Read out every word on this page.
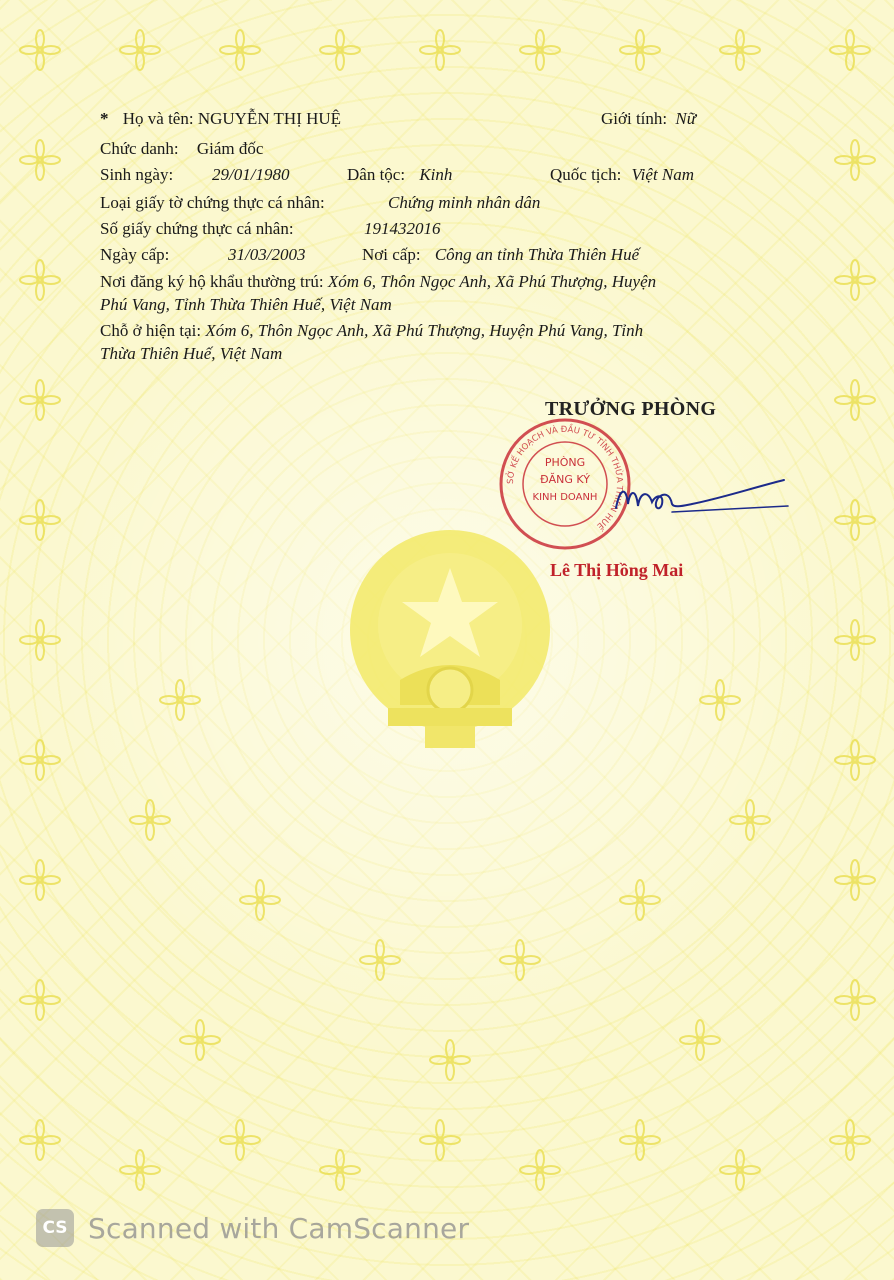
* Họ và tên: NGUYỄN THỊ HUỆ	Giới tính: Nữ
Chức danh: Giám đốc
Sinh ngày: 29/01/1980	Dân tộc: Kinh	Quốc tịch: Việt Nam
Loại giấy tờ chứng thực cá nhân:	Chứng minh nhân dân
Số giấy chứng thực cá nhân:	191432016
Ngày cấp:	31/03/2003	Nơi cấp: Công an tỉnh Thừa Thiên Huế
Nơi đăng ký hộ khẩu thường trú: Xóm 6, Thôn Ngọc Anh, Xã Phú Thượng, Huyện
Phú Vang, Tỉnh Thừa Thiên Huế, Việt Nam
Chỗ ở hiện tại: Xóm 6, Thôn Ngọc Anh, Xã Phú Thượng, Huyện Phú Vang, Tỉnh
Thừa Thiên Huế, Việt Nam
TRƯỞNG PHÒNG
SỞ KẾ HOẠCH VÀ ĐẦU TƯ TỈNH THỪA THIÊN HUẾ
PHÒNG
ĐĂNG KÝ
KINH DOANH
Lê Thị Hồng Mai
CS Scanned with CamScanner
